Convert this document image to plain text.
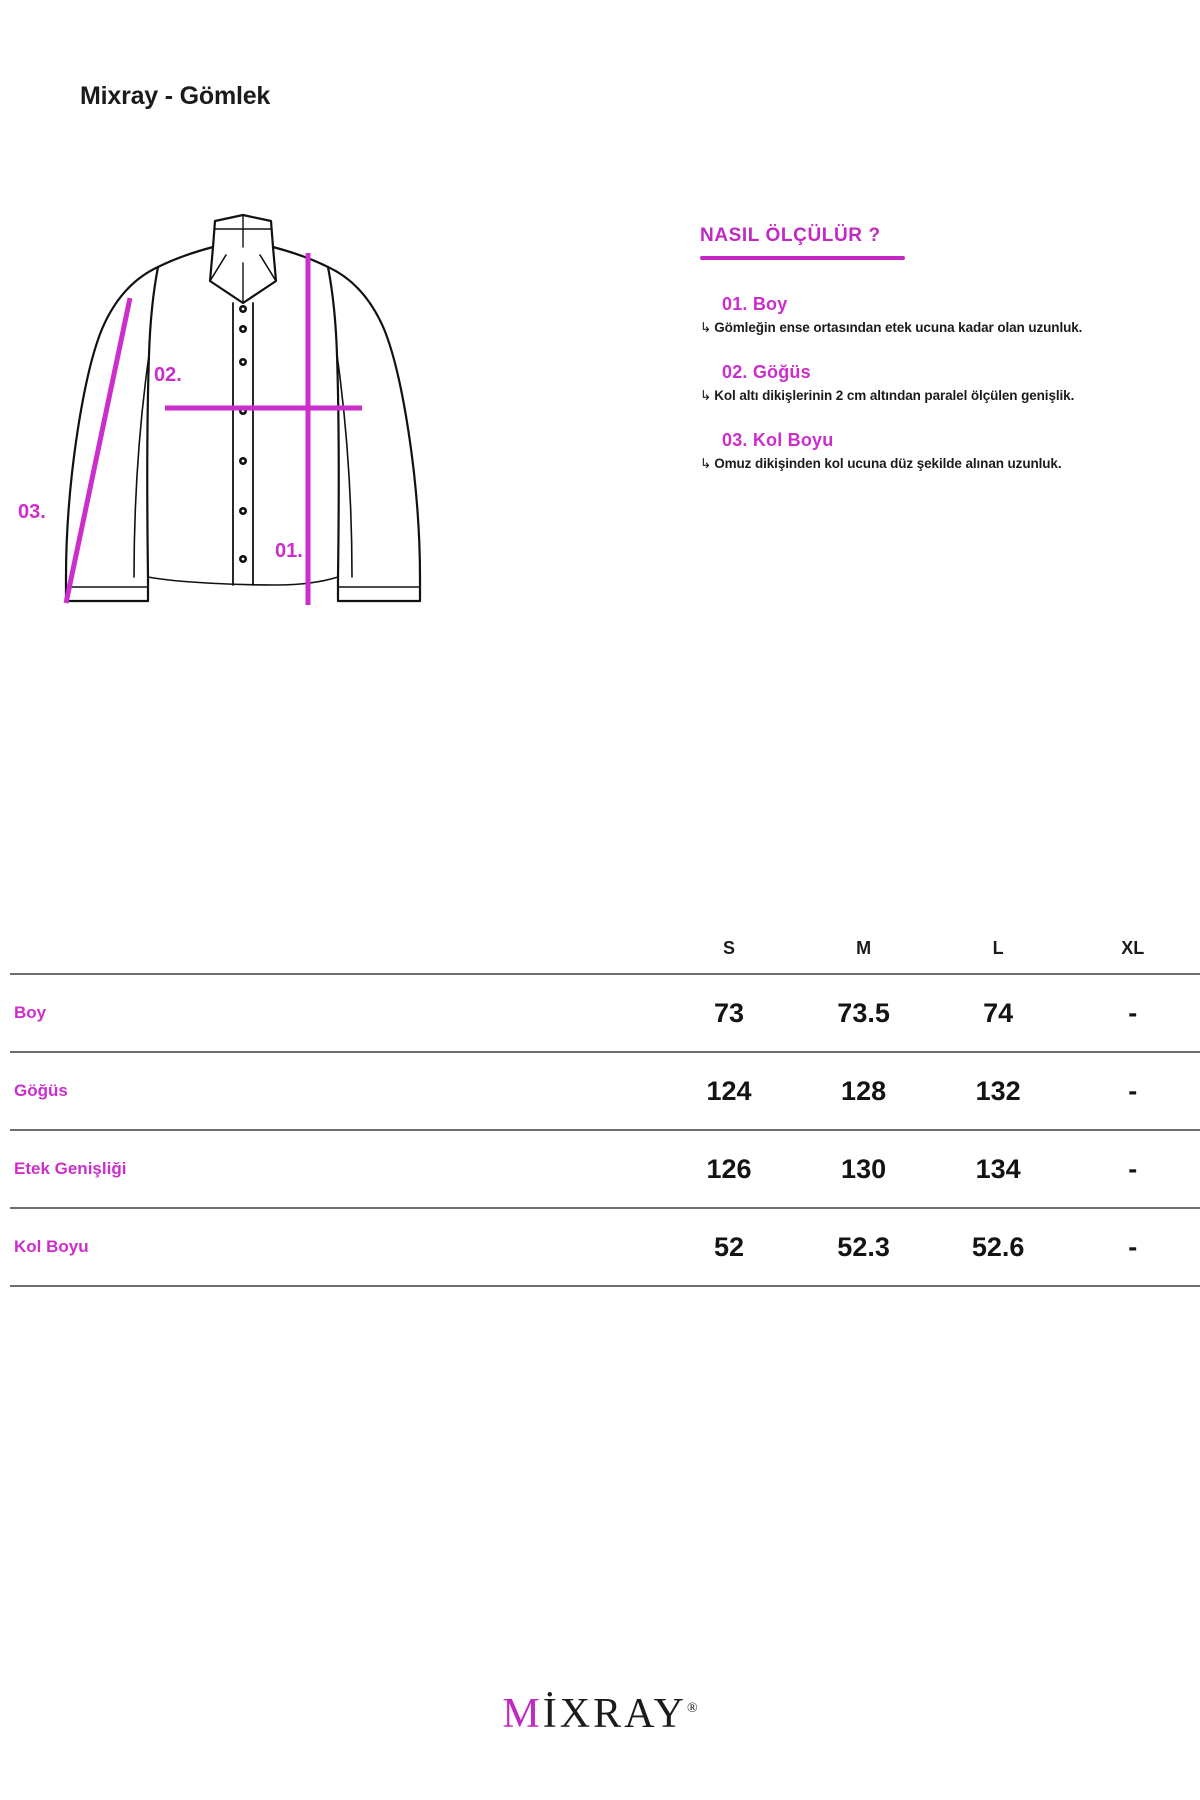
Mixray - Gömlek
02.
01.
03.
NASIL ÖLÇÜLÜR ?
01. Boy
↳ Gömleğin ense ortasından etek ucuna kadar olan uzunluk.
02. Göğüs
↳ Kol altı dikişlerinin 2 cm altından paralel ölçülen genişlik.
03. Kol Boyu
↳ Omuz dikişinden kol ucuna düz şekilde alınan uzunluk.
	S	M	L	XL
Boy	73	73.5	74	-
Göğüs	124	128	132	-
Etek Genişliği	126	130	134	-
Kol Boyu	52	52.3	52.6	-
MİXRAY®
